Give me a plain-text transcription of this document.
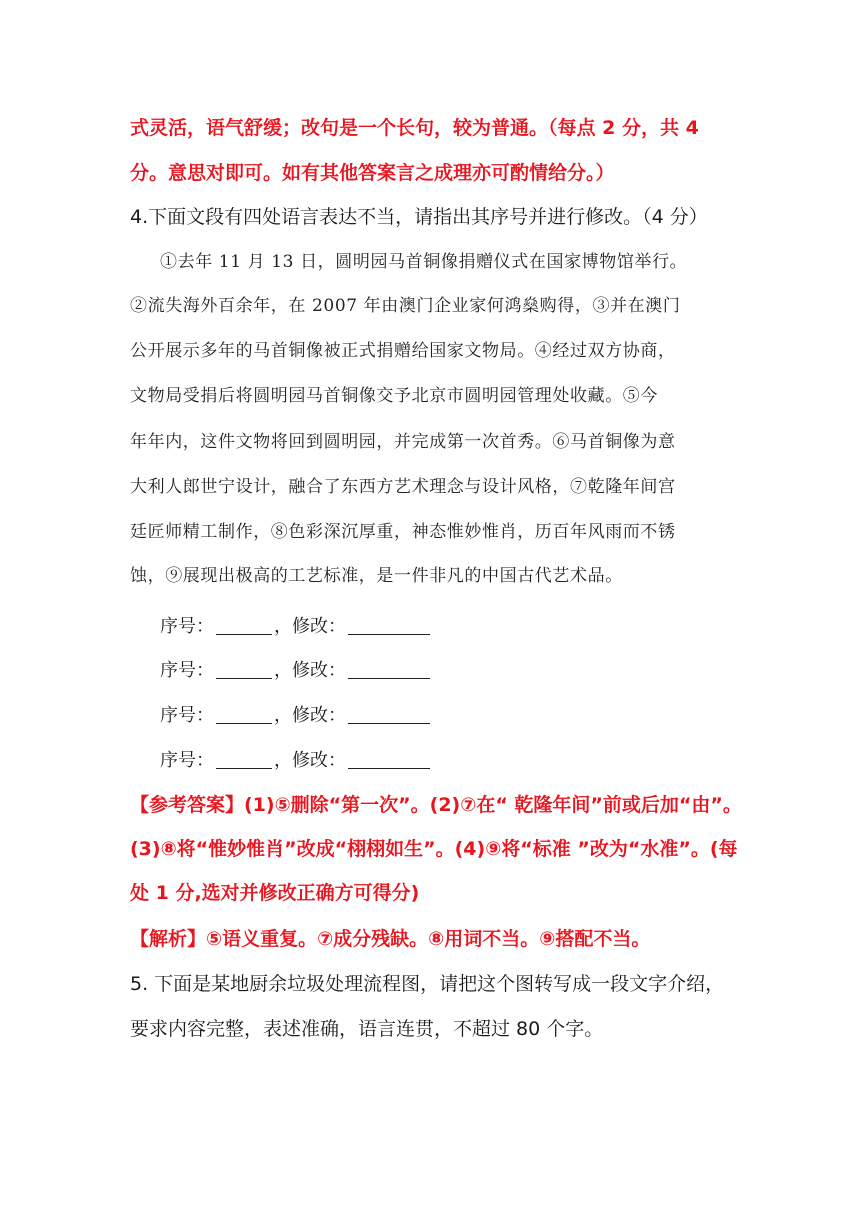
式灵活，语气舒缓；改句是一个长句，较为普通。（每点 2 分，共 4
分。意思对即可。如有其他答案言之成理亦可酌情给分。）
4.下面文段有四处语言表达不当，请指出其序号并进行修改。（4 分）
①去年 11 月 13 日，圆明园马首铜像捐赠仪式在国家博物馆举行。
②流失海外百余年，在 2007 年由澳门企业家何鸿燊购得，③并在澳门
公开展示多年的马首铜像被正式捐赠给国家文物局。④经过双方协商，
文物局受捐后将圆明园马首铜像交予北京市圆明园管理处收藏。⑤今
年年内，这件文物将回到圆明园，并完成第一次首秀。⑥马首铜像为意
大利人郎世宁设计，融合了东西方艺术理念与设计风格，⑦乾隆年间宫
廷匠师精工制作，⑧色彩深沉厚重，神态惟妙惟肖，历百年风雨而不锈
蚀，⑨展现出极高的工艺标准，是一件非凡的中国古代艺术品。
序号：	，修改：
序号：	，修改：
序号：	，修改：
序号：	，修改：
【参考答案】(1)⑤删除“第一次”。(2)⑦在“ 乾隆年间”前或后加“由”。
(3)⑧将“惟妙惟肖”改成“栩栩如生”。(4)⑨将“标准 ”改为“水准”。(每
处 1 分,选对并修改正确方可得分)
【解析】⑤语义重复。⑦成分残缺。⑧用词不当。⑨搭配不当。
5. 下面是某地厨余垃圾处理流程图，请把这个图转写成一段文字介绍，
要求内容完整，表述准确，语言连贯，不超过 80 个字。
